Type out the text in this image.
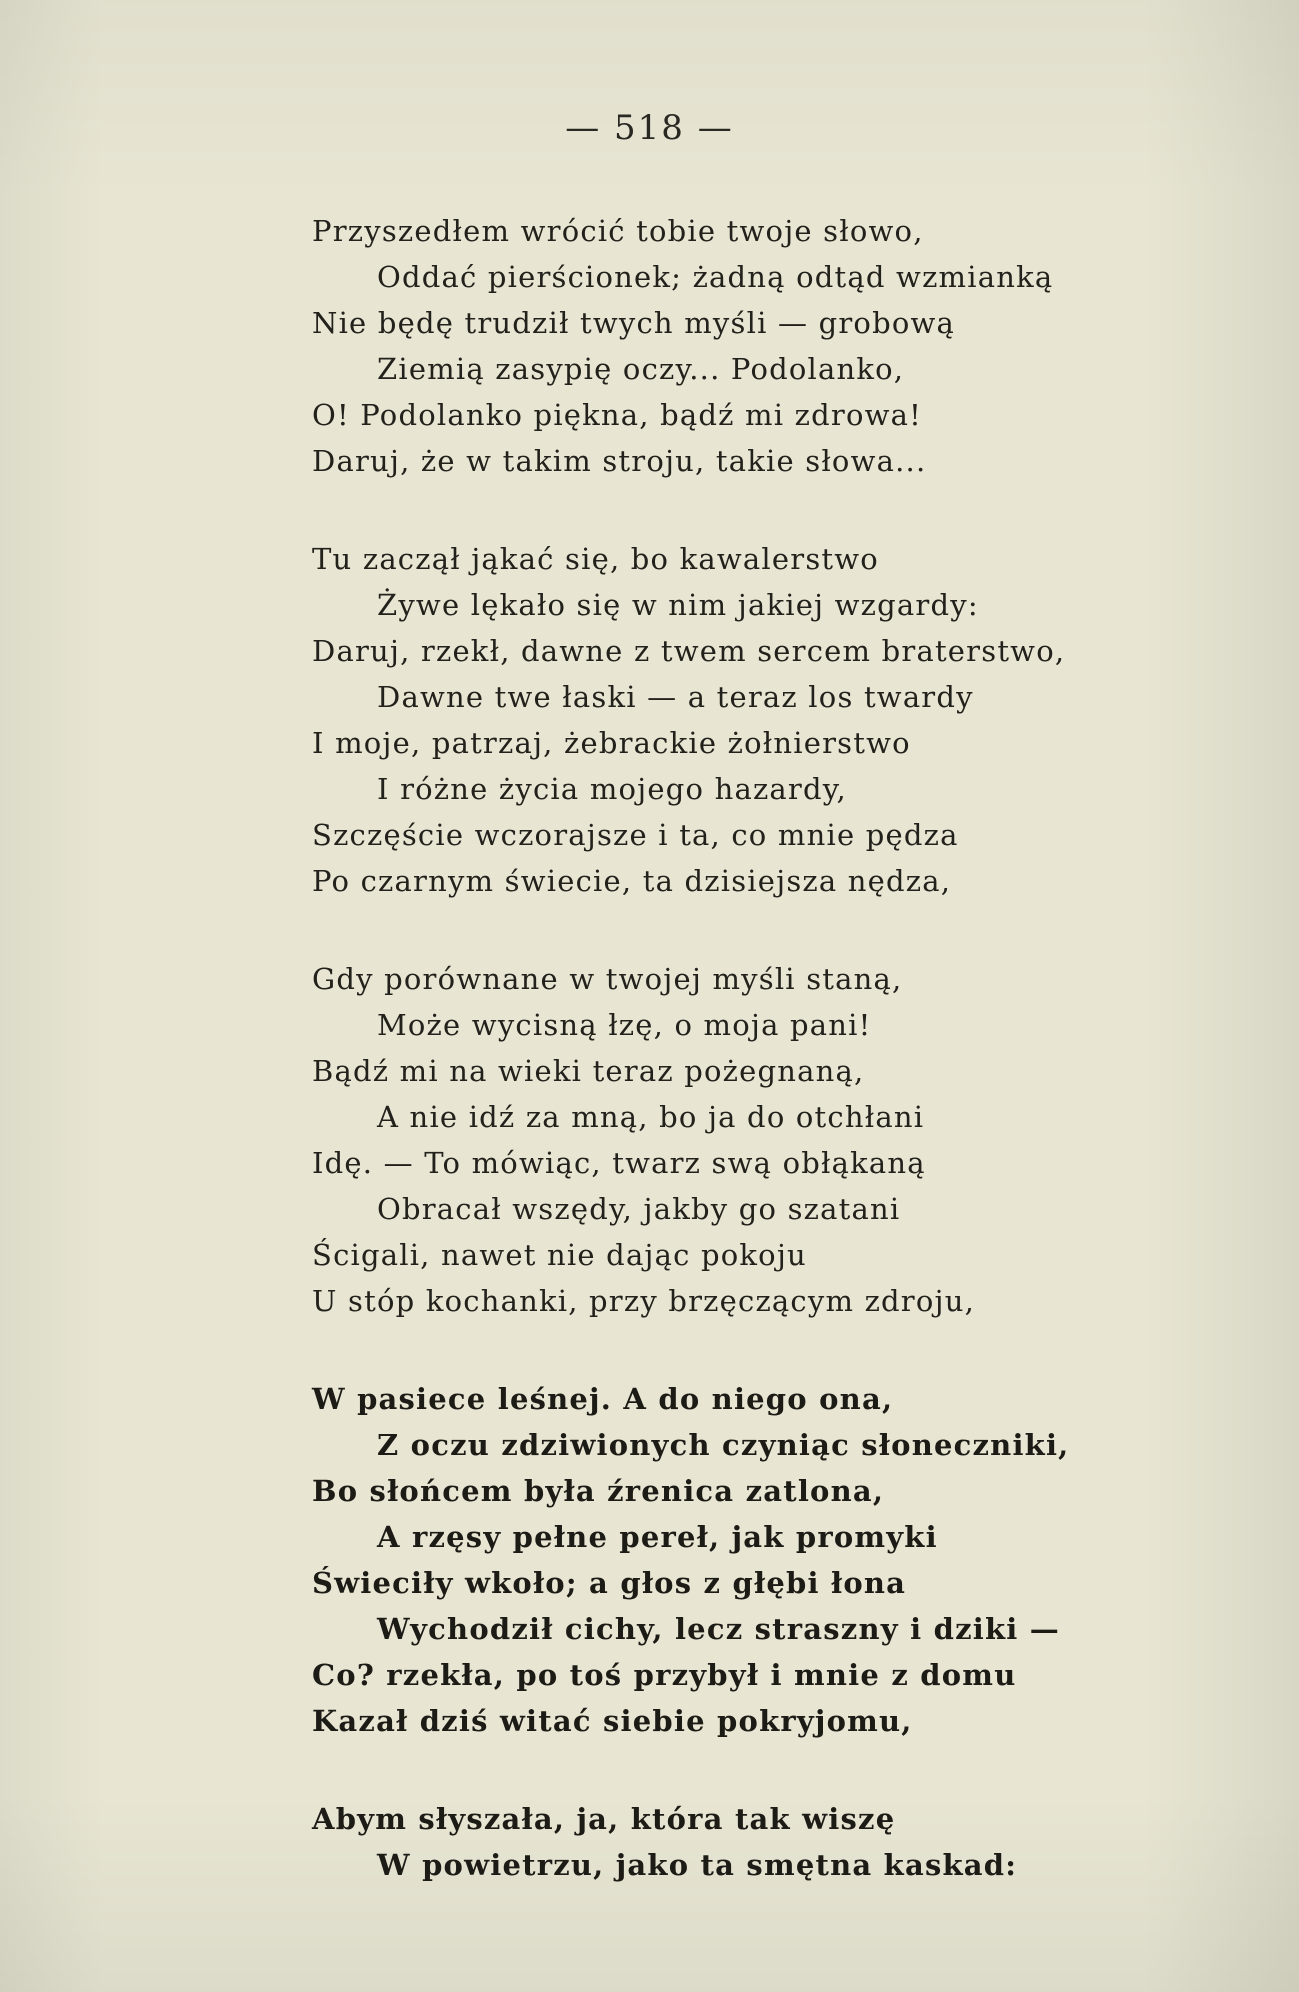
— 518 —
Przyszedłem wrócić tobie twoje słowo,
Oddać pierścionek; żadną odtąd wzmianką
Nie będę trudził twych myśli — grobową
Ziemią zasypię oczy... Podolanko,
O! Podolanko piękna, bądź mi zdrowa!
Daruj, że w takim stroju, takie słowa...
Tu zaczął jąkać się, bo kawalerstwo
Żywe lękało się w nim jakiej wzgardy:
Daruj, rzekł, dawne z twem sercem braterstwo,
Dawne twe łaski — a teraz los twardy
I moje, patrzaj, żebrackie żołnierstwo
I różne życia mojego hazardy,
Szczęście wczorajsze i ta, co mnie pędza
Po czarnym świecie, ta dzisiejsza nędza,
Gdy porównane w twojej myśli staną,
Może wycisną łzę, o moja pani!
Bądź mi na wieki teraz pożegnaną,
A nie idź za mną, bo ja do otchłani
Idę. — To mówiąc, twarz swą obłąkaną
Obracał wszędy, jakby go szatani
Ścigali, nawet nie dając pokoju
U stóp kochanki, przy brzęczącym zdroju,
W pasiece leśnej. A do niego ona,
Z oczu zdziwionych czyniąc słoneczniki,
Bo słońcem była źrenica zatlona,
A rzęsy pełne pereł, jak promyki
Świeciły wkoło; a głos z głębi łona
Wychodził cichy, lecz straszny i dziki —
Co? rzekła, po toś przybył i mnie z domu
Kazał dziś witać siebie pokryjomu,
Abym słyszała, ja, która tak wiszę
W powietrzu, jako ta smętna kaskad:
